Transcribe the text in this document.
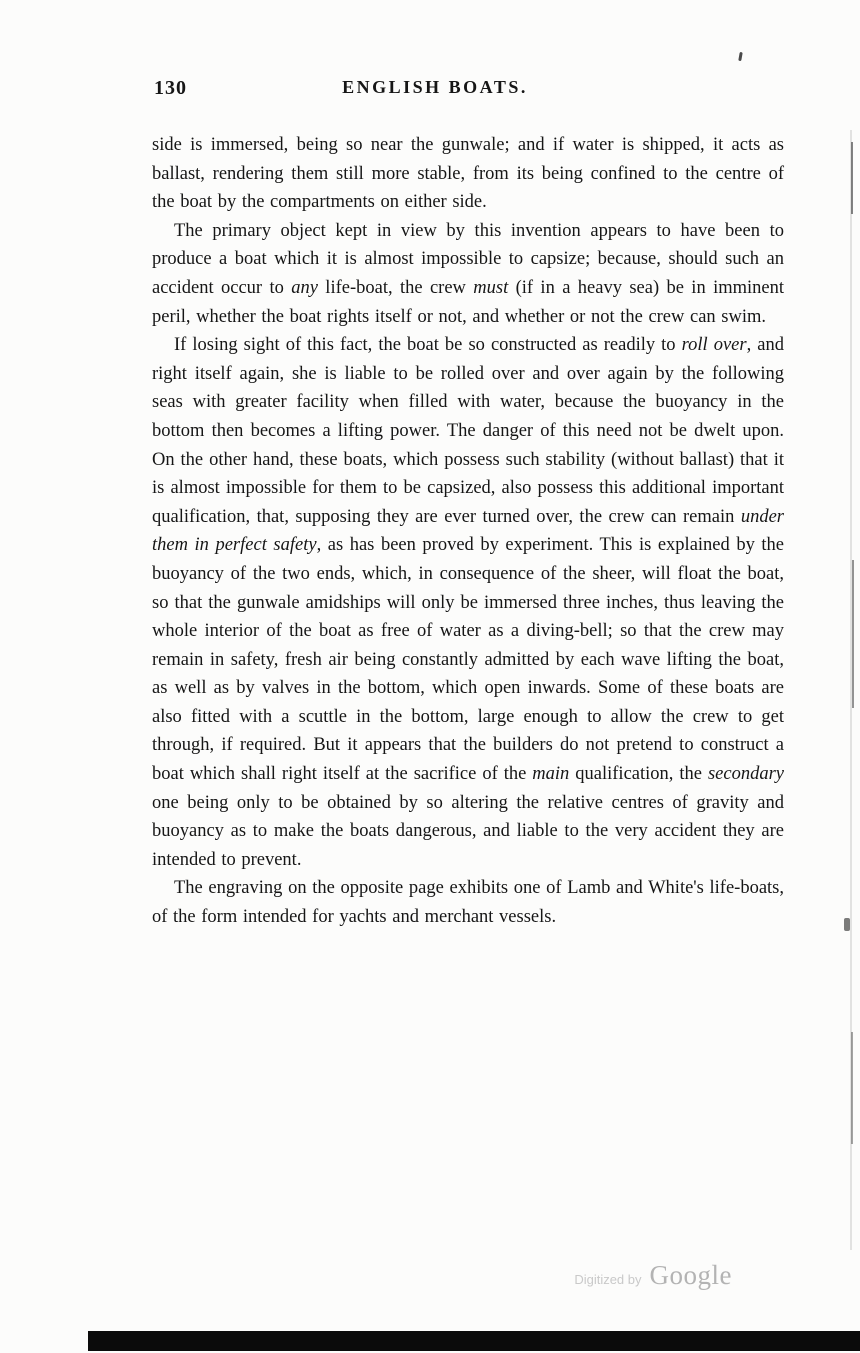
130	ENGLISH BOATS.

side is immersed, being so near the gunwale; and if water is shipped, it acts as ballast, rendering them still more stable, from its being confined to the centre of the boat by the compartments on either side.

The primary object kept in view by this invention appears to have been to produce a boat which it is almost impossible to capsize; because, should such an accident occur to any life-boat, the crew must (if in a heavy sea) be in imminent peril, whether the boat rights itself or not, and whether or not the crew can swim.

If losing sight of this fact, the boat be so constructed as readily to roll over, and right itself again, she is liable to be rolled over and over again by the following seas with greater facility when filled with water, because the buoyancy in the bottom then becomes a lifting power. The danger of this need not be dwelt upon. On the other hand, these boats, which possess such stability (without ballast) that it is almost impossible for them to be capsized, also possess this additional important qualification, that, supposing they are ever turned over, the crew can remain under them in perfect safety, as has been proved by experiment. This is explained by the buoyancy of the two ends, which, in consequence of the sheer, will float the boat, so that the gunwale amidships will only be immersed three inches, thus leaving the whole interior of the boat as free of water as a diving-bell; so that the crew may remain in safety, fresh air being constantly admitted by each wave lifting the boat, as well as by valves in the bottom, which open inwards. Some of these boats are also fitted with a scuttle in the bottom, large enough to allow the crew to get through, if required. But it appears that the builders do not pretend to construct a boat which shall right itself at the sacrifice of the main qualification, the secondary one being only to be obtained by so altering the relative centres of gravity and buoyancy as to make the boats dangerous, and liable to the very accident they are intended to prevent.

The engraving on the opposite page exhibits one of Lamb and White's life-boats, of the form intended for yachts and merchant vessels.

Digitized by Google
